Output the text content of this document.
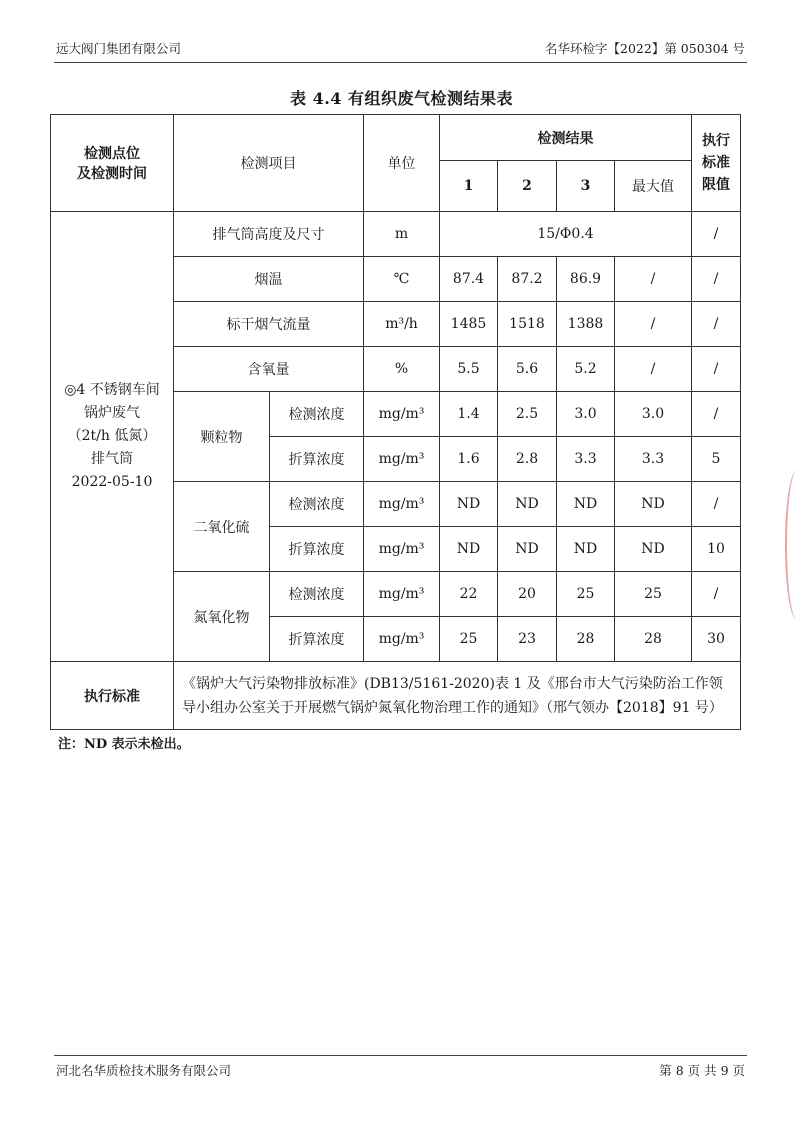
远大阀门集团有限公司	名华环检字【2022】第 050304 号
表 4.4 有组织废气检测结果表
检测点位
及检测时间	检测项目		单位	检测结果				执行
标准
限值
				1	2	3	最大值	
◎4 不锈钢车间
锅炉废气
（2t/h 低氮）
排气筒
2022-05-10	排气筒高度及尺寸		m	15/Φ0.4				/
	烟温		℃	87.4	87.2	86.9	/	/
	标干烟气流量		m³/h	1485	1518	1388	/	/
	含氧量		%	5.5	5.6	5.2	/	/
	颗粒物	检测浓度	mg/m³	1.4	2.5	3.0	3.0	/
		折算浓度	mg/m³	1.6	2.8	3.3	3.3	5
	二氧化硫	检测浓度	mg/m³	ND	ND	ND	ND	/
		折算浓度	mg/m³	ND	ND	ND	ND	10
	氮氧化物	检测浓度	mg/m³	22	20	25	25	/
		折算浓度	mg/m³	25	23	28	28	30
执行标准	《锅炉大气污染物排放标准》(DB13/5161-2020)表 1 及《邢台市大气污染防治工作领导小组办公室关于开展燃气锅炉氮氧化物治理工作的通知》（邢气领办【2018】91 号）							
注：ND 表示未检出。
河北名华质检技术服务有限公司	第 8 页 共 9 页
